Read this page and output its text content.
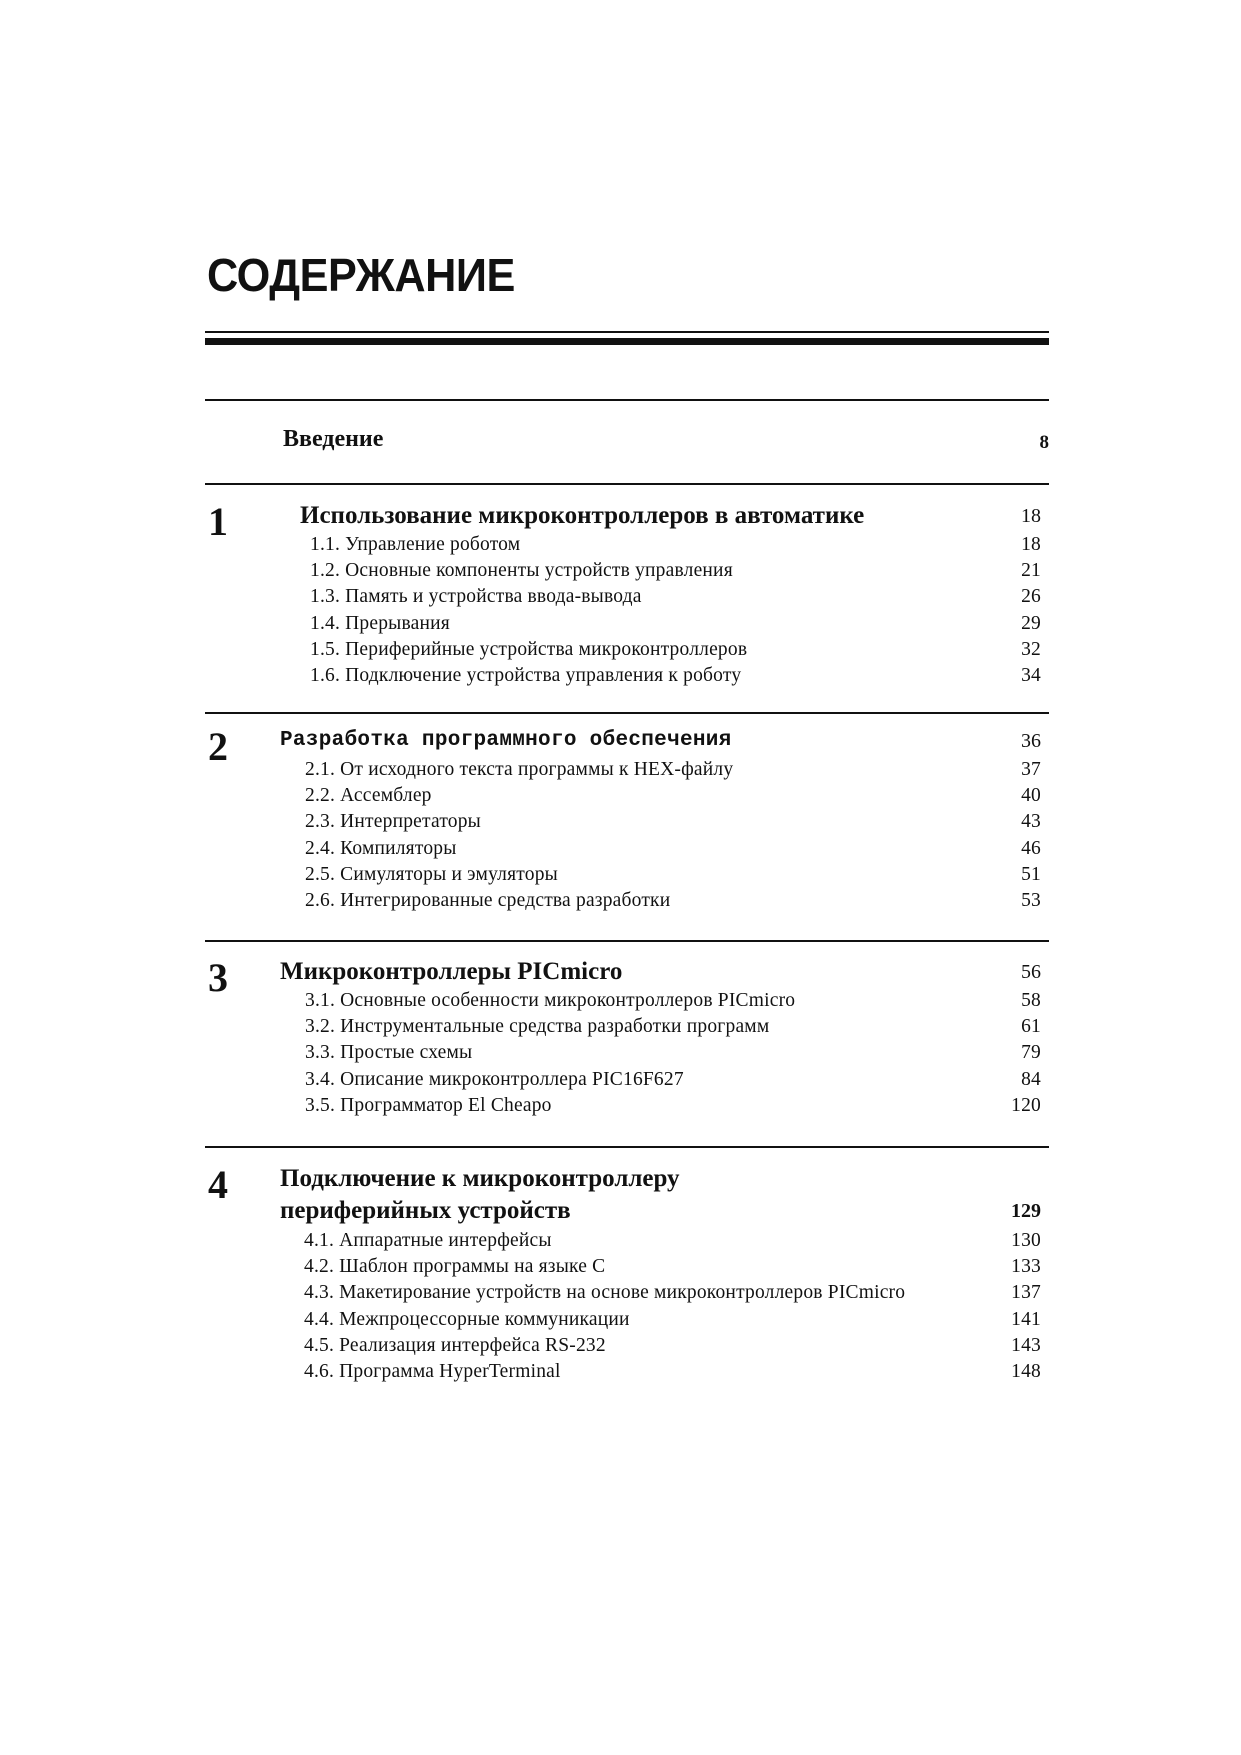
СОДЕРЖАНИЕ
Введение	8
1	Использование микроконтроллеров в автоматике	18
1.1. Управление роботом	18
1.2. Основные компоненты устройств управления	21
1.3. Память и устройства ввода-вывода	26
1.4. Прерывания	29
1.5. Периферийные устройства микроконтроллеров	32
1.6. Подключение устройства управления к роботу	34
2 Разработка программного обеспечения	36
2.1. От исходного текста программы к HEX-файлу	37
2.2. Ассемблер	40
2.3. Интерпретаторы	43
2.4. Компиляторы	46
2.5. Симуляторы и эмуляторы	51
2.6. Интегрированные средства разработки	53
3 Микроконтроллеры PICmicro	56
3.1. Основные особенности микроконтроллеров PICmicro	58
3.2. Инструментальные средства разработки программ	61
3.3. Простые схемы	79
3.4. Описание микроконтроллера PIC16F627	84
3.5. Программатор El Cheapo	120
4 Подключение к микроконтроллеру
периферийных устройств	129
4.1. Аппаратные интерфейсы	130
4.2. Шаблон программы на языке С	133
4.3. Макетирование устройств на основе микроконтроллеров PICmicro	137
4.4. Межпроцессорные коммуникации	141
4.5. Реализация интерфейса RS-232	143
4.6. Программа HyperTerminal	148
